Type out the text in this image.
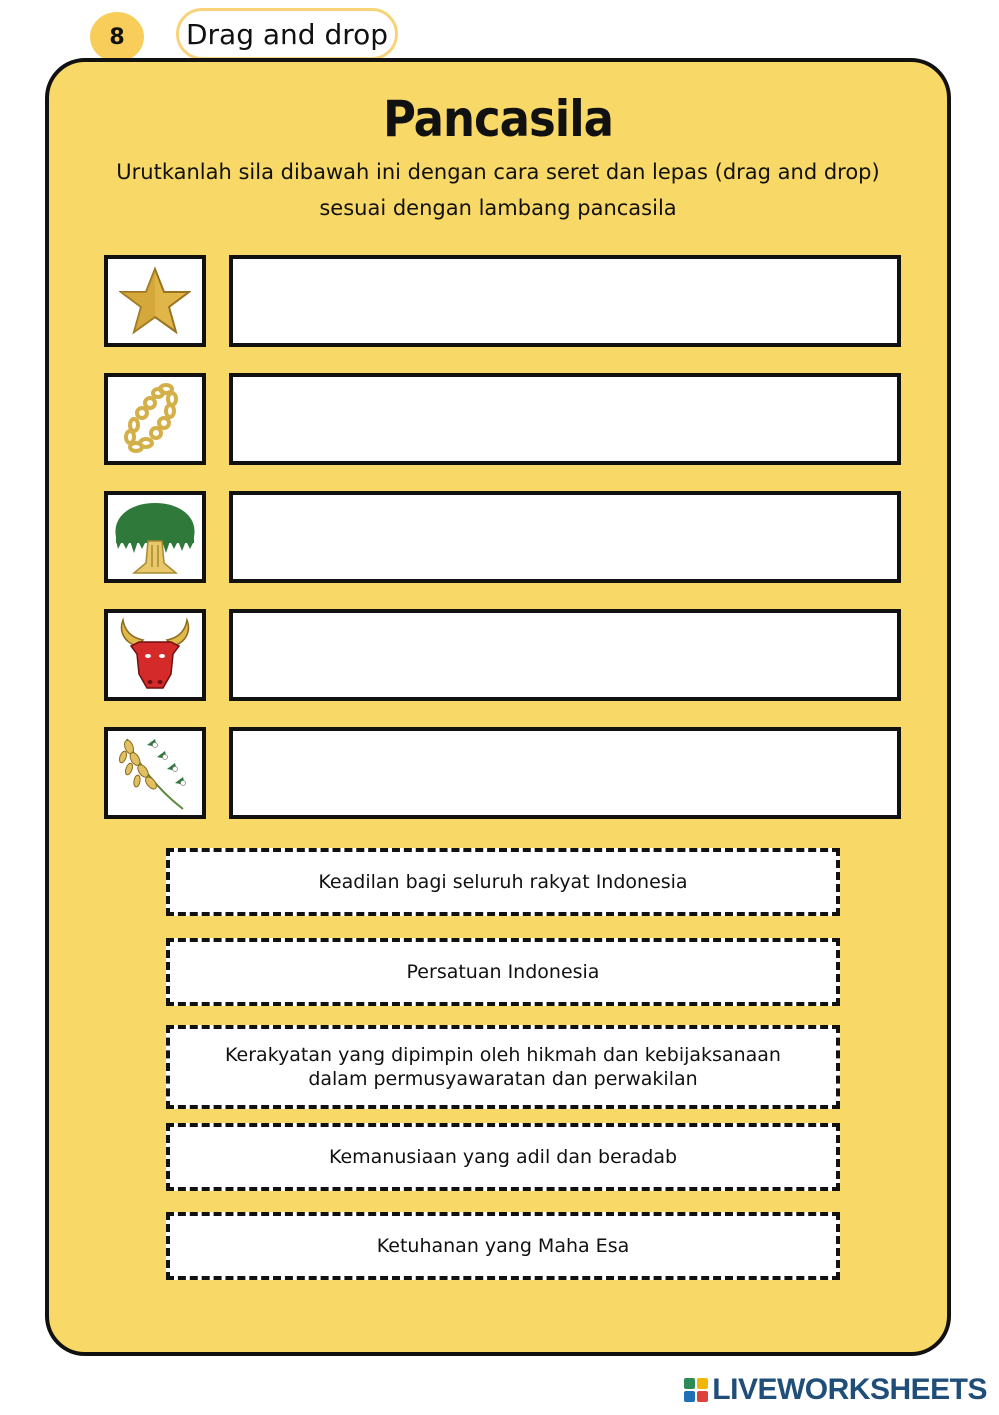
8	Drag and drop
Pancasila
Urutkanlah sila dibawah ini dengan cara seret dan lepas (drag and drop)
sesuai dengan lambang pancasila
Keadilan bagi seluruh rakyat Indonesia
Persatuan Indonesia
Kerakyatan yang dipimpin oleh hikmah dan kebijaksanaan dalam permusyawaratan dan perwakilan
Kemanusiaan yang adil dan beradab
Ketuhanan yang Maha Esa
LIVEWORKSHEETS
